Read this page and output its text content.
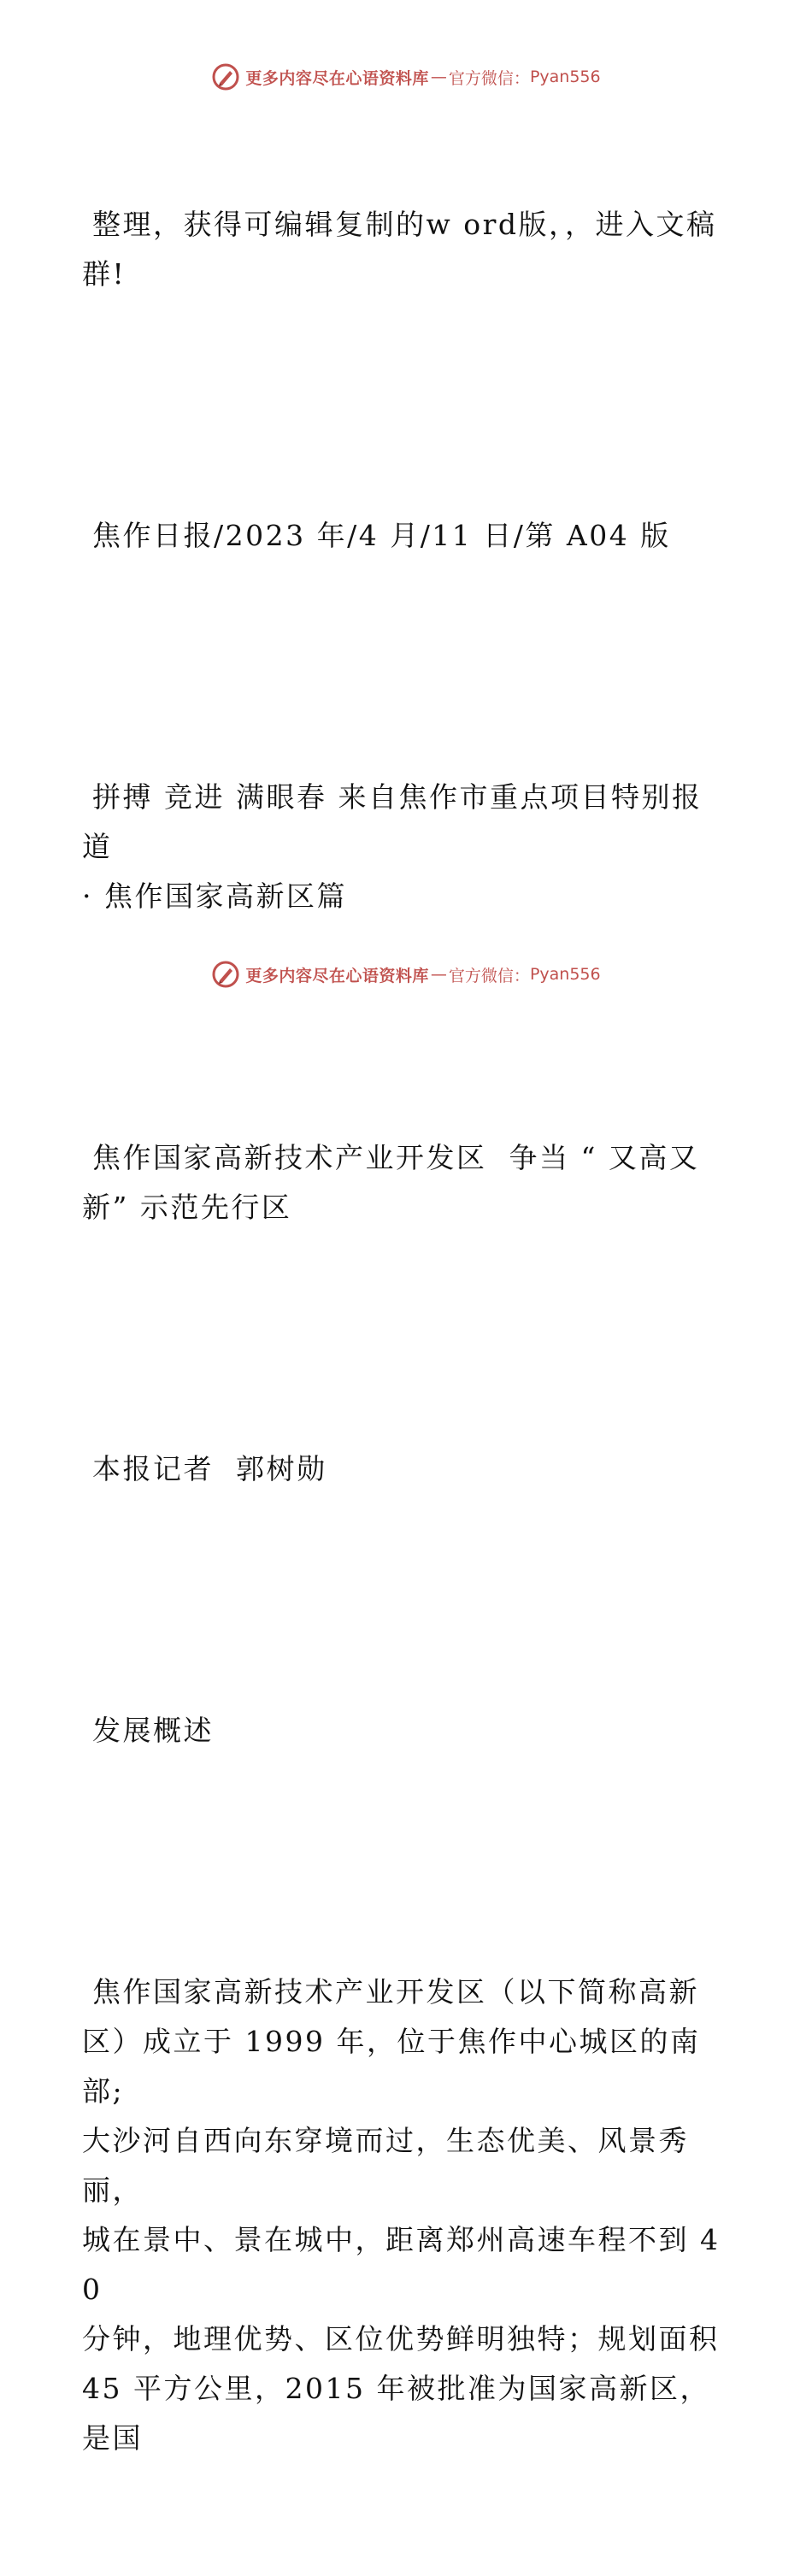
更多内容尽在心语资料库 — 官方微信： Pyan556

整理，获得可编辑复制的w ord版，，进入文稿
群!

焦作日报/2023 年/4 月/11 日/第 A04 版

拼搏 竞进 满眼春 来自焦作市重点项目特别报道
· 焦作国家高新区篇

焦作国家高新技术产业开发区  争当 “ 又高又
新” 示范先行区

本报记者  郭树勋

发展概述

焦作国家高新技术产业开发区（以下简称高新
区）成立于 1999 年，位于焦作中心城区的南部;
大沙河自西向东穿境而过，生态优美、风景秀丽，
城在景中、景在城中，距离郑州高速车程不到 40
分钟，地理优势、区位优势鲜明独特；规划面积
45 平方公里，2015 年被批准为国家高新区，是国

更多内容尽在心语资料库 — 官方微信： Pyan556
